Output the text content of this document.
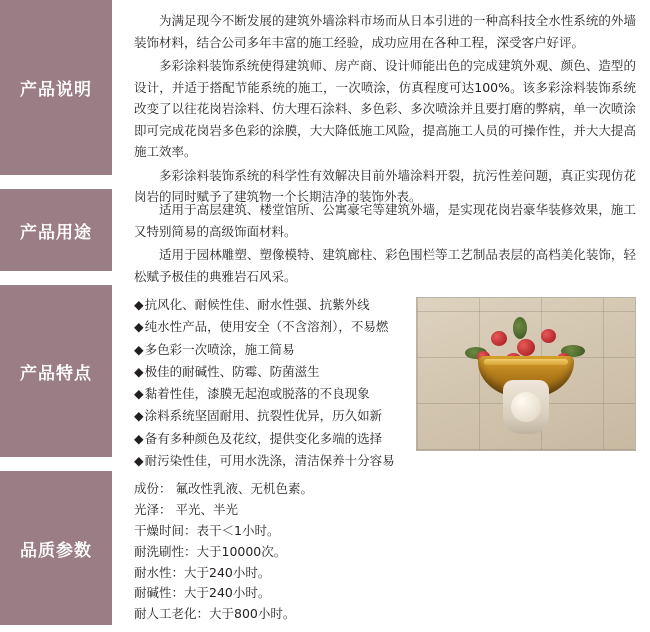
产品说明

为满足现今不断发展的建筑外墙涂料市场而从日本引进的一种高科技全水性系统的外墙装饰材料，结合公司多年丰富的施工经验，成功应用在各种工程，深受客户好评。

多彩涂料装饰系统使得建筑师、房产商、设计师能出色的完成建筑外观、颜色、造型的设计，并适于搭配节能系统的施工，一次喷涂，仿真程度可达100%。该多彩涂料装饰系统改变了以往花岗岩涂料、仿大理石涂料、多色彩、多次喷涂并且要打磨的弊病，单一次喷涂即可完成花岗岩多色彩的涂膜，大大降低施工风险，提高施工人员的可操作性，并大大提高施工效率。

多彩涂料装饰系统的科学性有效解决目前外墙涂料开裂，抗污性差问题，真正实现仿花岗岩的同时赋予了建筑物一个长期洁净的装饰外表。

产品用途

适用于高层建筑、楼堂馆所、公寓豪宅等建筑外墙，是实现花岗岩豪华装修效果，施工又特别简易的高级饰面材料。

适用于园林雕塑、塑像模特、建筑廊柱、彩色围栏等工艺制品表层的高档美化装饰，轻松赋予极佳的典雅岩石风采。

产品特点

◆抗风化、耐候性佳、耐水性强、抗紫外线

◆纯水性产品，使用安全（不含溶剂），不易燃

◆多色彩一次喷涂，施工简易

◆极佳的耐碱性、防霉、防菌滋生

◆黏着性佳，漆膜无起泡或脱落的不良现象

◆涂料系统坚固耐用、抗裂性优异，历久如新

◆备有多种颜色及花纹，提供变化多端的选择

◆耐污染性佳，可用水洗涤，清洁保养十分容易

品质参数

成份： 氟改性乳液、无机色素。

光泽： 平光、半光

干燥时间：表干＜1小时。

耐洗刷性：大于10000次。

耐水性：大于240小时。

耐碱性：大于240小时。

耐人工老化：大于800小时。
